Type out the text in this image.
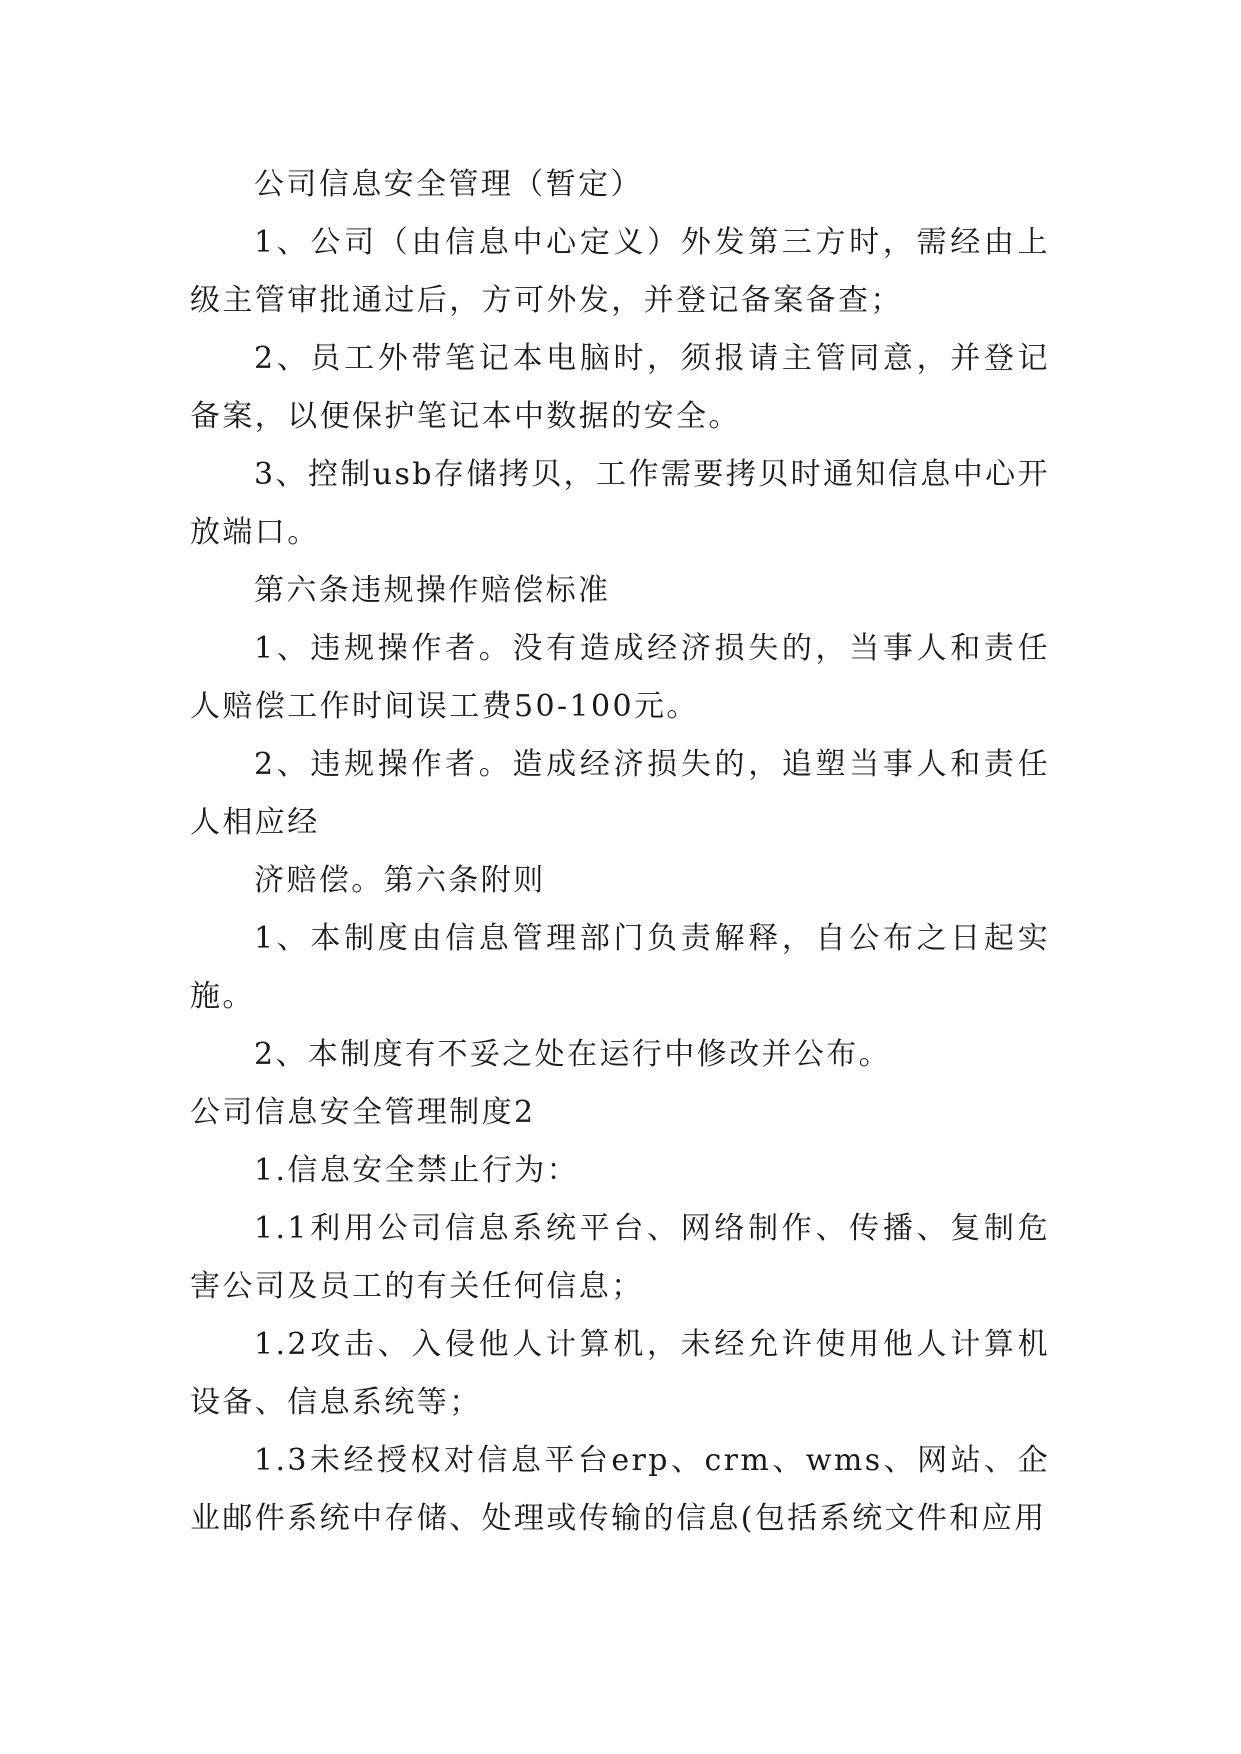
公司信息安全管理（暂定）

1、公司（由信息中心定义）外发第三方时，需经由上级主管审批通过后，方可外发，并登记备案备查；

2、员工外带笔记本电脑时，须报请主管同意，并登记备案，以便保护笔记本中数据的安全。

3、控制usb存储拷贝，工作需要拷贝时通知信息中心开放端口。

第六条违规操作赔偿标准

1、违规操作者。没有造成经济损失的，当事人和责任人赔偿工作时间误工费50-100元。

2、违规操作者。造成经济损失的，追塑当事人和责任人相应经

济赔偿。第六条附则

1、本制度由信息管理部门负责解释，自公布之日起实施。

2、本制度有不妥之处在运行中修改并公布。

公司信息安全管理制度2

1.信息安全禁止行为：

1.1利用公司信息系统平台、网络制作、传播、复制危害公司及员工的有关任何信息；

1.2攻击、入侵他人计算机，未经允许使用他人计算机设备、信息系统等；

1.3未经授权对信息平台erp、crm、wms、网站、企业邮件系统中存储、处理或传输的信息(包括系统文件和应用
